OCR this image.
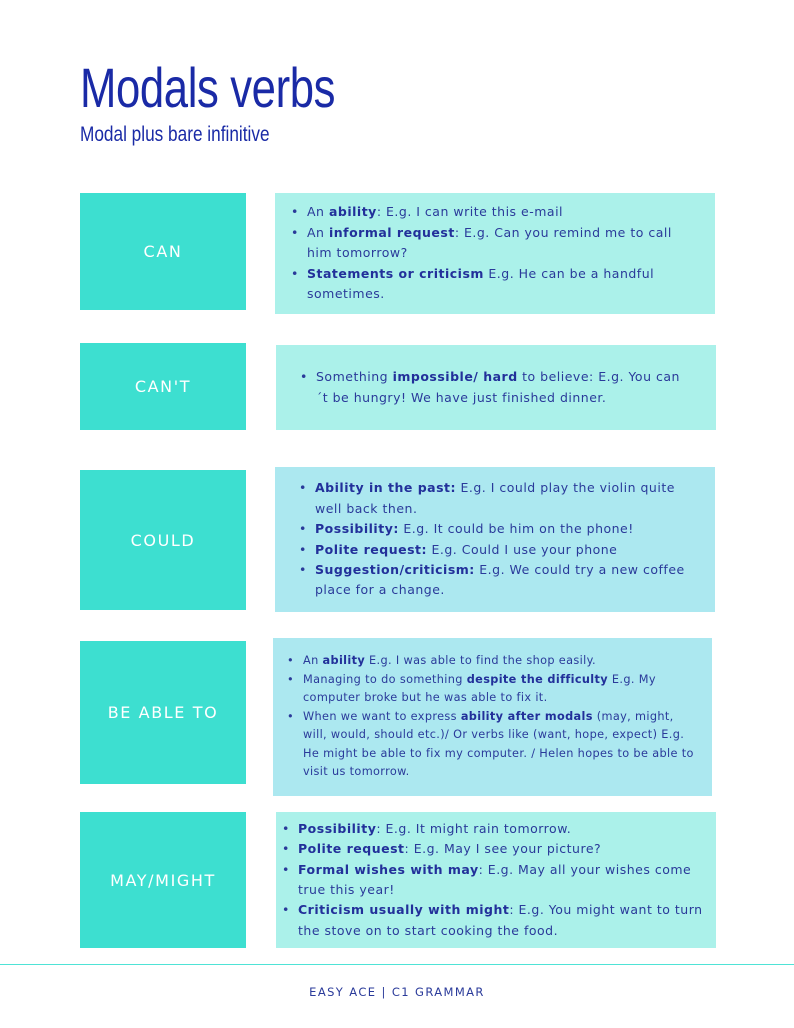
Modals verbs
Modal plus bare infinitive
CAN
• An ability: E.g. I can write this e-mail
• An informal request: E.g. Can you remind me to call him tomorrow?
• Statements or criticism E.g. He can be a handful sometimes.
CAN'T
• Something impossible/ hard to believe: E.g. You can ´t be hungry! We have just finished dinner.
COULD
• Ability in the past: E.g. I could play the violin quite well back then.
• Possibility: E.g. It could be him on the phone!
• Polite request: E.g. Could I use your phone
• Suggestion/criticism: E.g. We could try a new coffee place for a change.
BE ABLE TO
• An ability E.g. I was able to find the shop easily.
• Managing to do something despite the difficulty E.g. My computer broke but he was able to fix it.
• When we want to express ability after modals (may, might, will, would, should etc.)/ Or verbs like (want, hope, expect) E.g. He might be able to fix my computer. / Helen hopes to be able to visit us tomorrow.
MAY/MIGHT
• Possibility: E.g. It might rain tomorrow.
• Polite request: E.g. May I see your picture?
• Formal wishes with may: E.g. May all your wishes come true this year!
• Criticism usually with might: E.g. You might want to turn the stove on to start cooking the food.
EASY ACE | C1 GRAMMAR
